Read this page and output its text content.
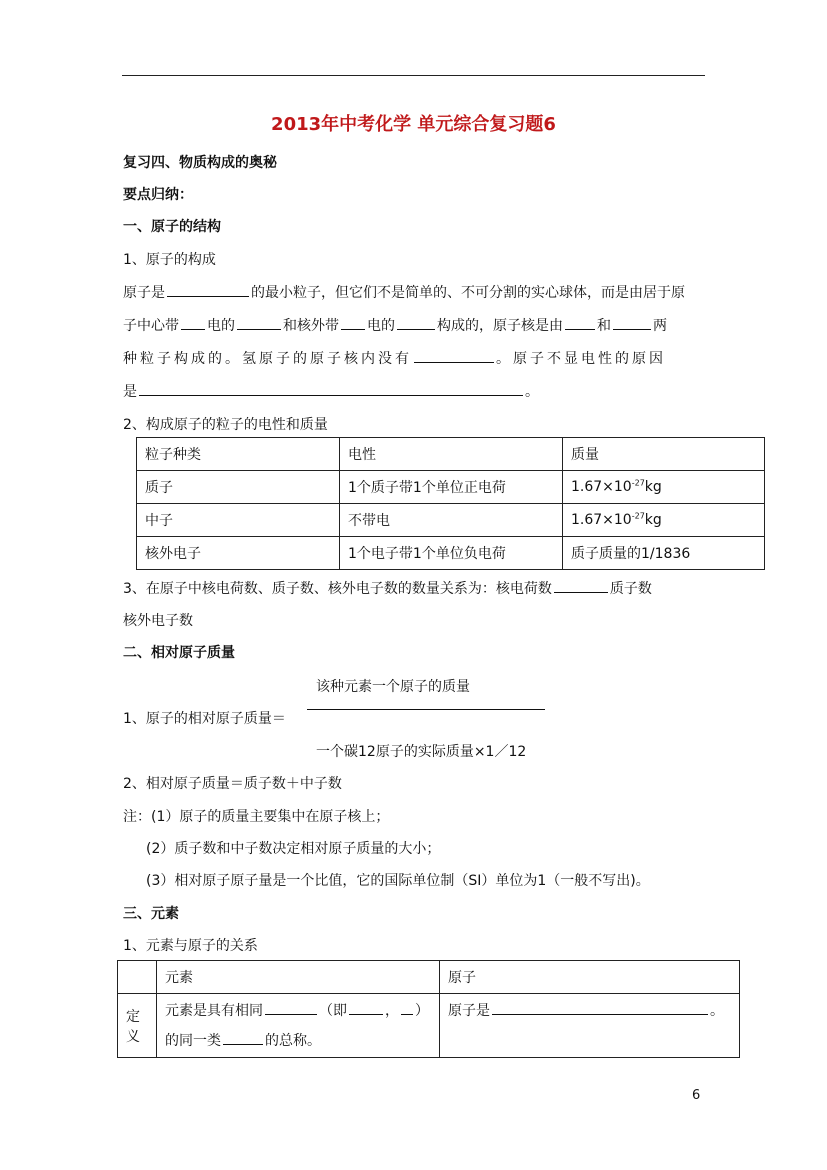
2013年中考化学 单元综合复习题6
复习四、物质构成的奥秘
要点归纳：
一、原子的结构
1、原子的构成
原子是	的最小粒子，但它们不是简单的、不可分割的实心球体，而是由居于原
子中心带 电的	和核外带 电的	构成的，原子核是由 和	两
种粒子构成的。氢原子的原子核内没有	。原子不显电性的原因
是	。
2、构成原子的粒子的电性和质量
粒子种类	电性	质量
质子	1个质子带1个单位正电荷	$1.67\times 10^{-27}kg$
中子	不带电	$1.67\times 10^{-27}kg$
核外电子	1个电子带1个单位负电荷	质子质量的1/1836
3、在原子中核电荷数、质子数、核外电子数的数量关系为：核电荷数	质子数
核外电子数
二、相对原子质量
该种元素一个原子的质量
1、原子的相对原子质量＝
一个碳12原子的实际质量×1／12
2、相对原子质量＝质子数＋中子数
注：(1）原子的质量主要集中在原子核上；
(2）质子数和中子数决定相对原子质量的大小；
(3）相对原子原子量是一个比值，它的国际单位制（SI）单位为1（一般不写出)。
三、元素
1、元素与原子的关系
	元素	原子
定义	元素是具有相同 （即 ， ）
的同一类 的总称。	原子是 。
6
